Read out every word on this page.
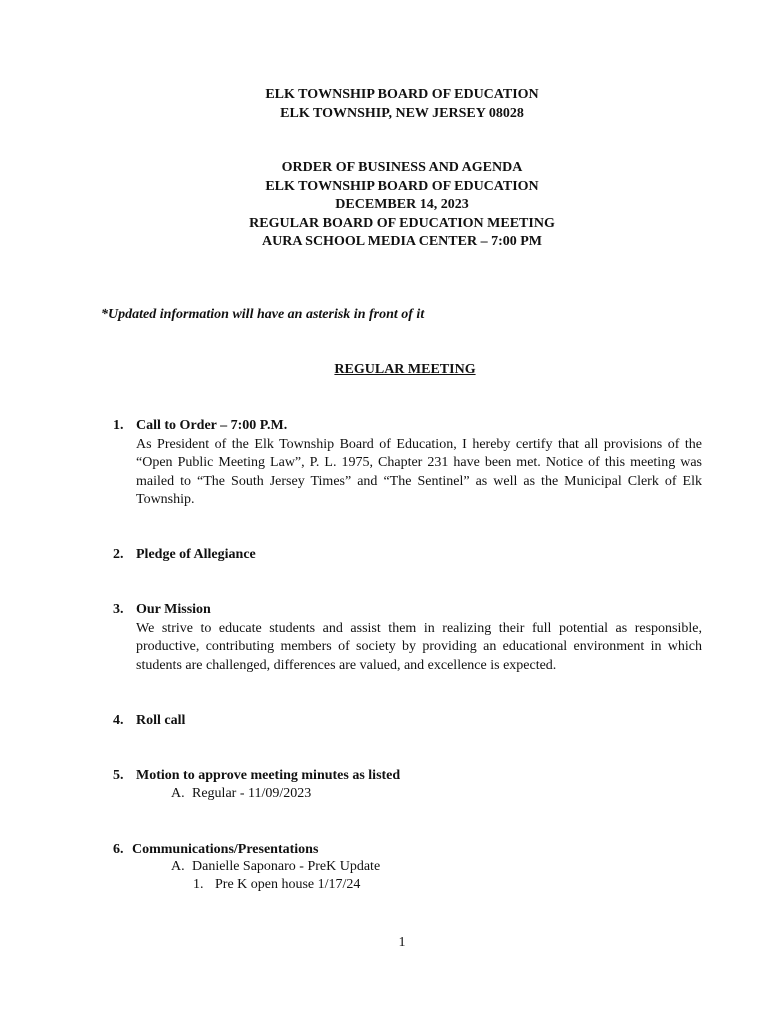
ELK TOWNSHIP BOARD OF EDUCATION
ELK TOWNSHIP, NEW JERSEY 08028
ORDER OF BUSINESS AND AGENDA
ELK TOWNSHIP BOARD OF EDUCATION
DECEMBER 14, 2023
REGULAR BOARD OF EDUCATION MEETING
AURA SCHOOL MEDIA CENTER – 7:00 PM
*Updated information will have an asterisk in front of it
REGULAR MEETING
1. Call to Order – 7:00 P.M.
As President of the Elk Township Board of Education, I hereby certify that all provisions of the “Open Public Meeting Law”, P. L. 1975, Chapter 231 have been met. Notice of this meeting was mailed to “The South Jersey Times” and “The Sentinel” as well as the Municipal Clerk of Elk Township.
2. Pledge of Allegiance
3. Our Mission
We strive to educate students and assist them in realizing their full potential as responsible, productive, contributing members of society by providing an educational environment in which students are challenged, differences are valued, and excellence is expected.
4. Roll call
5. Motion to approve meeting minutes as listed
A. Regular - 11/09/2023
6. Communications/Presentations
A. Danielle Saponaro - PreK Update
1. Pre K open house 1/17/24
1
